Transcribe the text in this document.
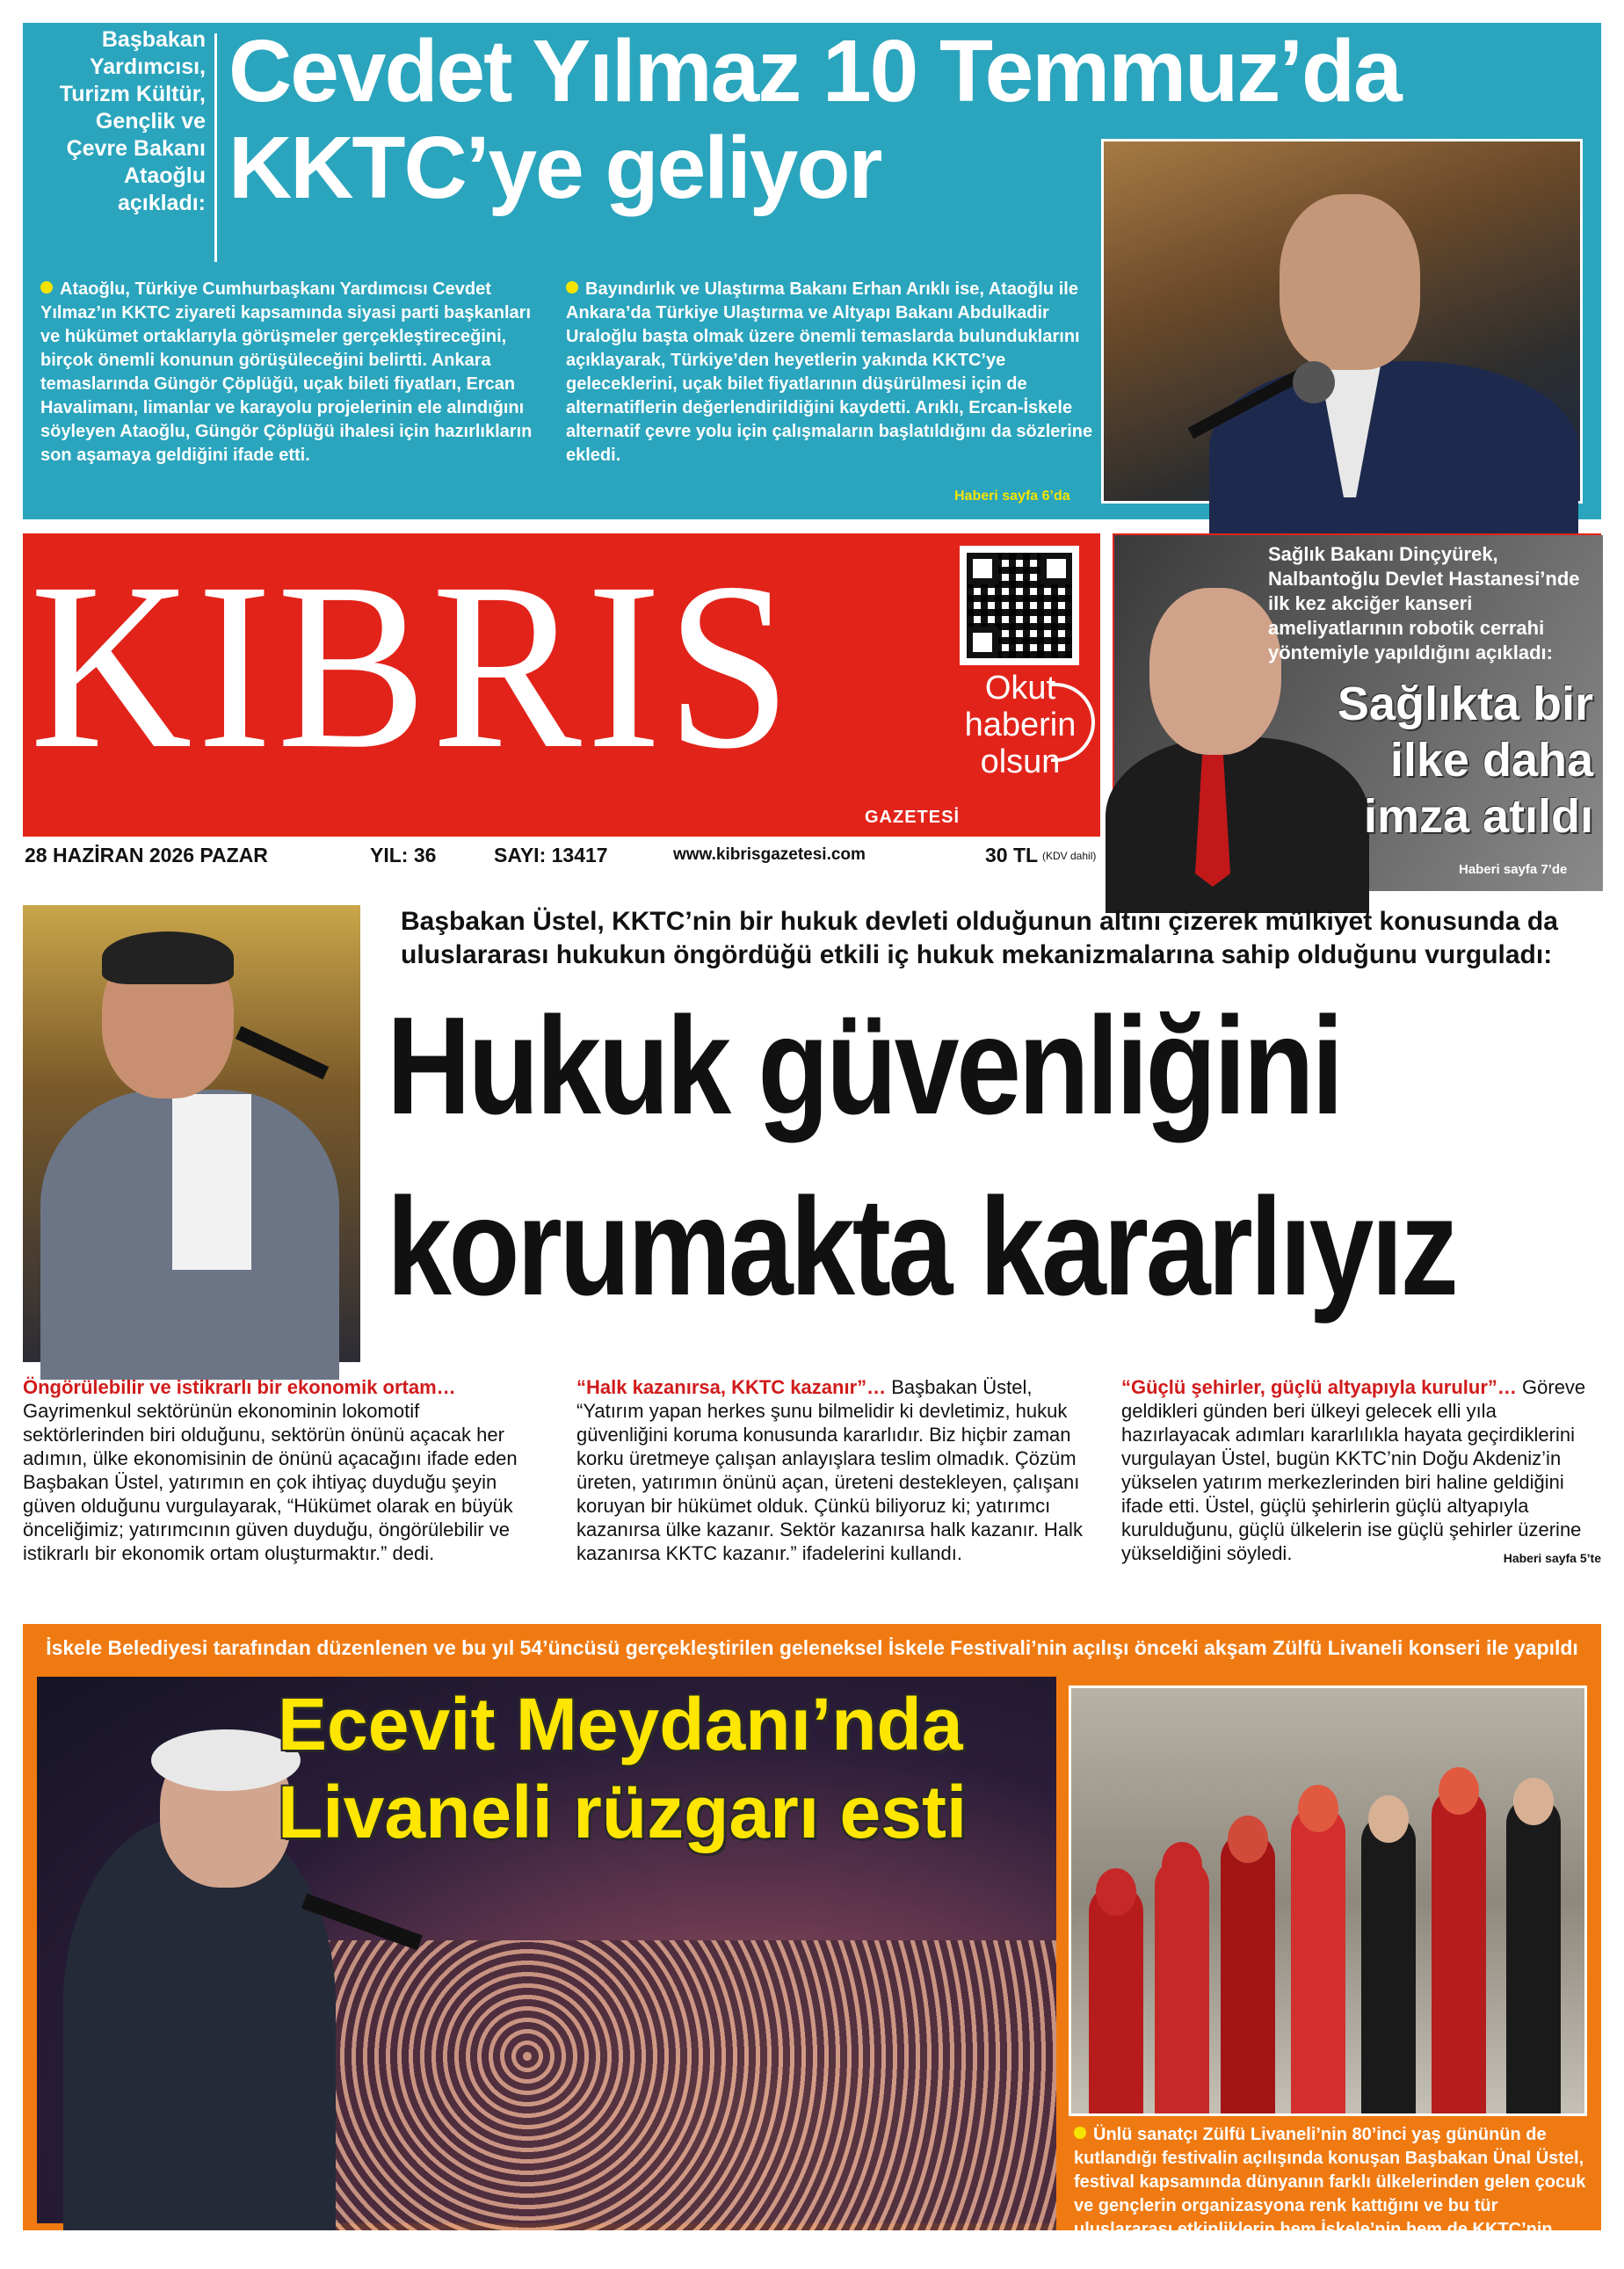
Başbakan
Yardımcısı,
Turizm Kültür,
Gençlik ve
Çevre Bakanı
Ataoğlu
açıkladı:
Cevdet Yılmaz 10 Temmuz’da
KKTC’ye geliyor

Ataoğlu, Türkiye Cumhurbaşkanı Yardımcısı Cevdet Yılmaz’ın KKTC ziyareti kapsamında siyasi parti başkanları ve hükümet ortaklarıyla görüşmeler gerçekleştireceğini, birçok önemli konunun görüşüleceğini belirtti. Ankara temaslarında Güngör Çöplüğü, uçak bileti fiyatları, Ercan Havalimanı, limanlar ve karayolu projelerinin ele alındığını söyleyen Ataoğlu, Güngör Çöplüğü ihalesi için hazırlıkların son aşamaya geldiğini ifade etti.

Bayındırlık ve Ulaştırma Bakanı Erhan Arıklı ise, Ataoğlu ile Ankara’da Türkiye Ulaştırma ve Altyapı Bakanı Abdulkadir Uraloğlu başta olmak üzere önemli temaslarda bulunduklarını açıklayarak, Türkiye’den heyetlerin yakında KKTC’ye geleceklerini, uçak bilet fiyatlarının düşürülmesi için de alternatiflerin değerlendirildiğini kaydetti. Arıklı, Ercan-İskele alternatif çevre yolu için çalışmaların başlatıldığını da sözlerine ekledi.

Haberi sayfa 6’da
KIBRIS
GAZETESİ
Okut
haberin
olsun
28 HAZİRAN 2026 PAZAR	YIL: 36	SAYI: 13417	www.kibrisgazetesi.com	30 TL (KDV dahil)

Sağlık Bakanı Dinçyürek, Nalbantoğlu Devlet Hastanesi’nde ilk kez akciğer kanseri ameliyatlarının robotik cerrahi yöntemiyle yapıldığını açıkladı:

Sağlıkta bir
ilke daha
imza atıldı
Haberi sayfa 7’de

Başbakan Üstel, KKTC’nin bir hukuk devleti olduğunun altını çizerek mülkiyet konusunda da uluslararası hukukun öngördüğü etkili iç hukuk mekanizmalarına sahip olduğunu vurguladı:

Hukuk güvenliğini
korumakta kararlıyız

Öngörülebilir ve istikrarlı bir ekonomik ortam…
Gayrimenkul sektörünün ekonominin lokomotif sektörlerinden biri olduğunu, sektörün önünü açacak her adımın, ülke ekonomisinin de önünü açacağını ifade eden Başbakan Üstel, yatırımın en çok ihtiyaç duyduğu şeyin güven olduğunu vurgulayarak, “Hükümet olarak en büyük önceliğimiz; yatırımcının güven duyduğu, öngörülebilir ve istikrarlı bir ekonomik ortam oluşturmaktır.” dedi.

“Halk kazanırsa, KKTC kazanır”… Başbakan Üstel, “Yatırım yapan herkes şunu bilmelidir ki devletimiz, hukuk güvenliğini koruma konusunda kararlıdır. Biz hiçbir zaman korku üretmeye çalışan anlayışlara teslim olmadık. Çözüm üreten, yatırımın önünü açan, üreteni destekleyen, çalışanı koruyan bir hükümet olduk. Çünkü biliyoruz ki; yatırımcı kazanırsa ülke kazanır. Sektör kazanırsa halk kazanır. Halk kazanırsa KKTC kazanır.” ifadelerini kullandı.

“Güçlü şehirler, güçlü altyapıyla kurulur”… Göreve geldikleri günden beri ülkeyi gelecek elli yıla hazırlayacak adımları kararlılıkla hayata geçirdiklerini vurgulayan Üstel, bugün KKTC’nin Doğu Akdeniz’in yükselen yatırım merkezlerinden biri haline geldiğini ifade etti. Üstel, güçlü şehirlerin güçlü altyapıyla kurulduğunu, güçlü ülkelerin ise güçlü şehirler üzerine yükseldiğini söyledi.	Haberi sayfa 5’te

İskele Belediyesi tarafından düzenlenen ve bu yıl 54’üncüsü gerçekleştirilen geleneksel İskele Festivali’nin açılışı önceki akşam Zülfü Livaneli konseri ile yapıldı
Ecevit Meydanı’nda
Livaneli rüzgarı esti

Ünlü sanatçı Zülfü Livaneli’nin 80’inci yaş gününün de kutlandığı festivalin açılışında konuşan Başbakan Ünal Üstel, festival kapsamında dünyanın farklı ülkelerinden gelen çocuk ve gençlerin organizasyona renk kattığını ve bu tür uluslararası etkinliklerin hem İskele’nin hem de KKTC’nin tanıtımına büyük katkı sağladığını ifade etti.	Haberi sayfa 13’te
